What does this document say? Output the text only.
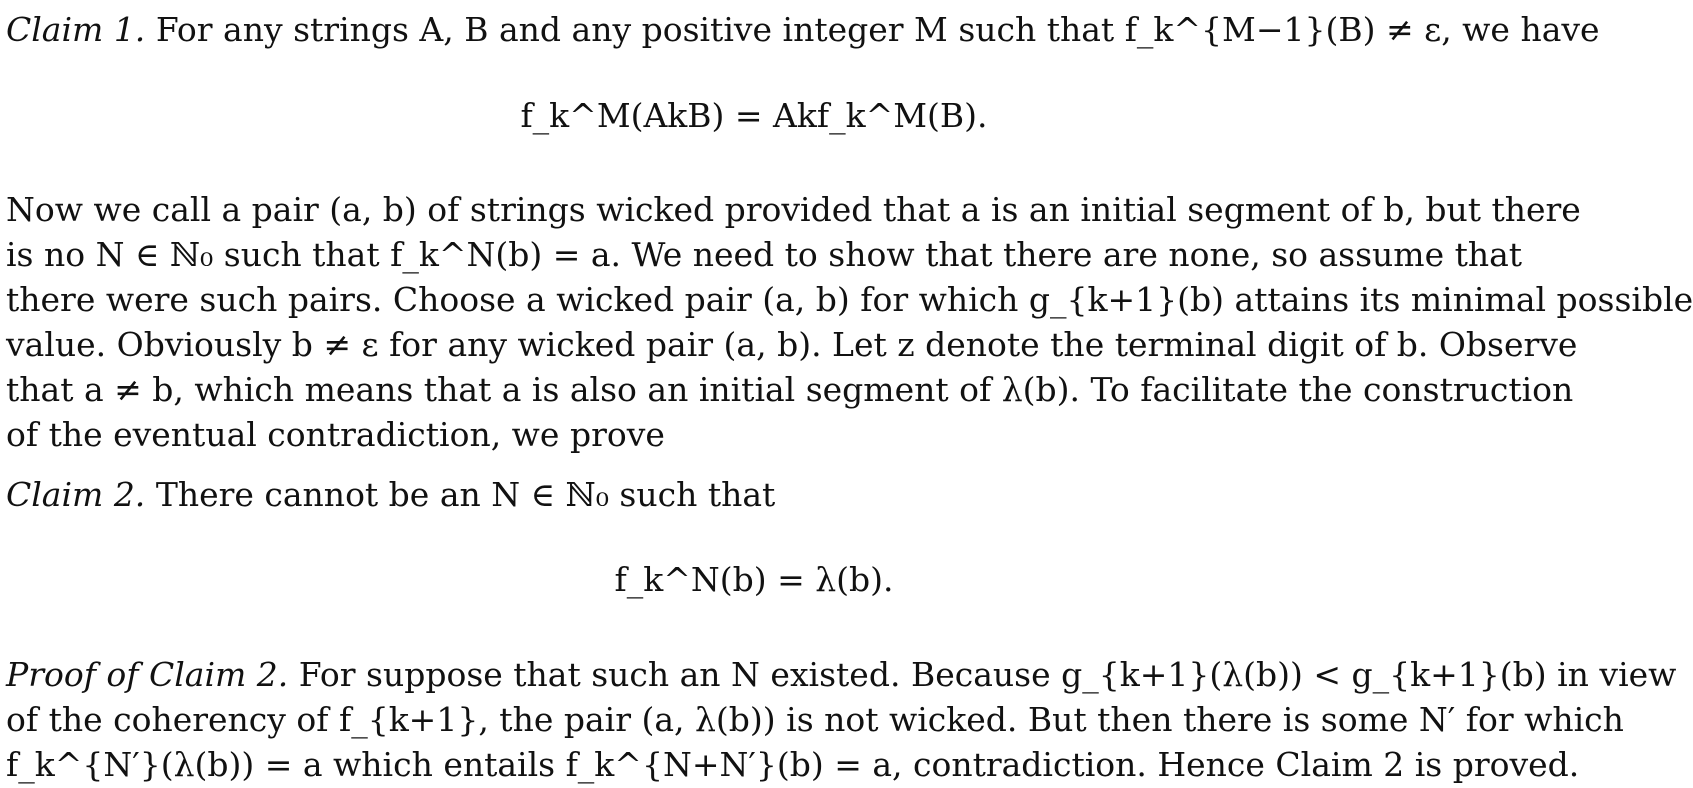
Claim 1. For any strings A, B and any positive integer M such that f_k^{M−1}(B) ≠ ε, we have
f_k^M(AkB) = Akf_k^M(B).
Now we call a pair (a, b) of strings wicked provided that a is an initial segment of b, but there
is no N ∈ ℕ₀ such that f_k^N(b) = a. We need to show that there are none, so assume that
there were such pairs. Choose a wicked pair (a, b) for which g_{k+1}(b) attains its minimal possible
value. Obviously b ≠ ε for any wicked pair (a, b). Let z denote the terminal digit of b. Observe
that a ≠ b, which means that a is also an initial segment of λ(b). To facilitate the construction
of the eventual contradiction, we prove
Claim 2. There cannot be an N ∈ ℕ₀ such that
f_k^N(b) = λ(b).
Proof of Claim 2. For suppose that such an N existed. Because g_{k+1}(λ(b)) < g_{k+1}(b) in view
of the coherency of f_{k+1}, the pair (a, λ(b)) is not wicked. But then there is some N′ for which
f_k^{N′}(λ(b)) = a which entails f_k^{N+N′}(b) = a, contradiction. Hence Claim 2 is proved.
